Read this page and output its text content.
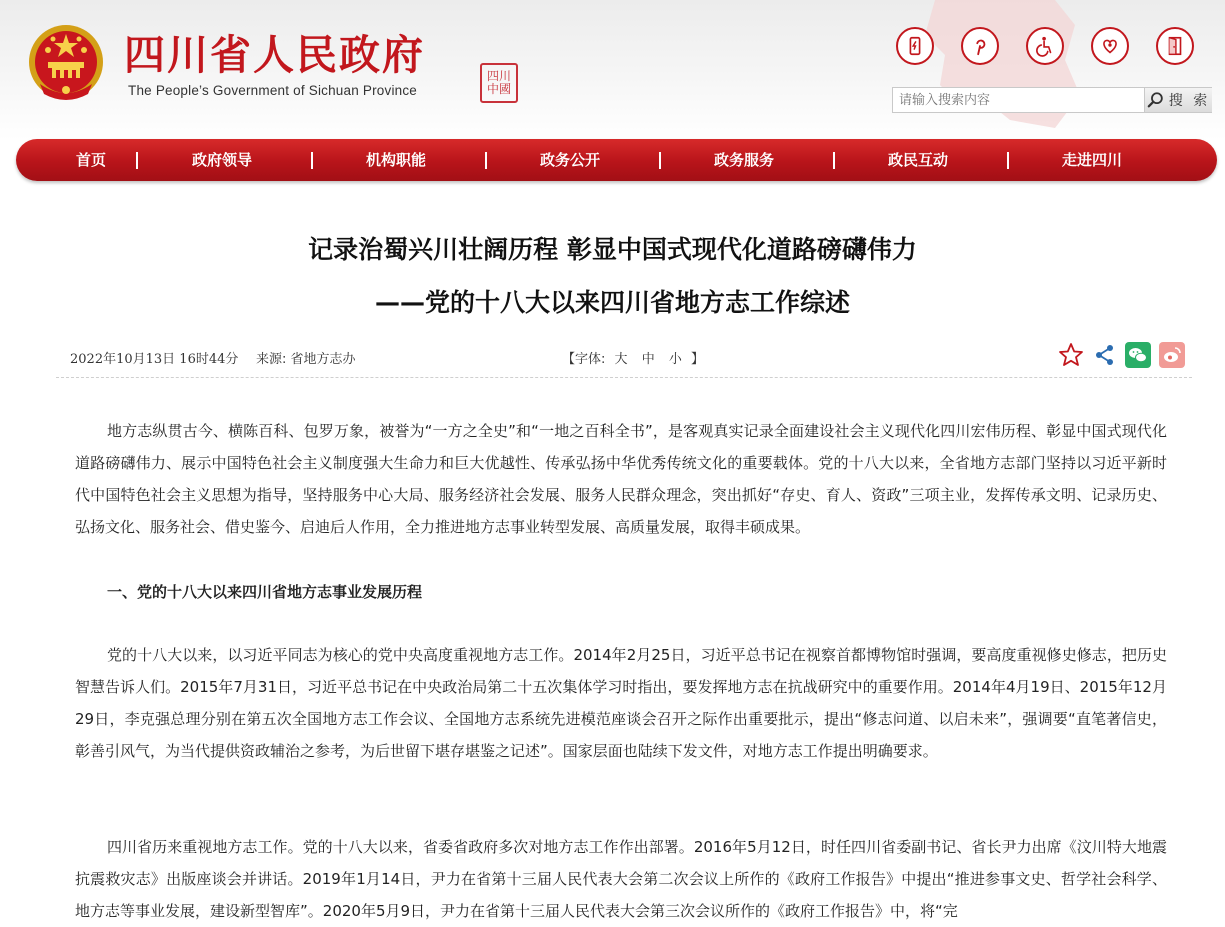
四川省人民政府
The People’s Government of Sichuan Province
四川中國
请输入搜索内容
搜 索
首页	政府领导	机构职能	政务公开	政务服务	政民互动	走进四川
记录治蜀兴川壮阔历程 彰显中国式现代化道路磅礴伟力
——党的十八大以来四川省地方志工作综述
2022年10月13日 16时44分 来源: 省地方志办	【字体: 大 中 小 】

地方志纵贯古今、横陈百科、包罗万象，被誉为“一方之全史”和“一地之百科全书”，是客观真实记录全面建设社会主义现代化四川宏伟历程、彰显中国式现代化道路磅礴伟力、展示中国特色社会主义制度强大生命力和巨大优越性、传承弘扬中华优秀传统文化的重要载体。党的十八大以来，全省地方志部门坚持以习近平新时代中国特色社会主义思想为指导，坚持服务中心大局、服务经济社会发展、服务人民群众理念，突出抓好“存史、育人、资政”三项主业，发挥传承文明、记录历史、弘扬文化、服务社会、借史鉴今、启迪后人作用，全力推进地方志事业转型发展、高质量发展，取得丰硕成果。

一、党的十八大以来四川省地方志事业发展历程

党的十八大以来，以习近平同志为核心的党中央高度重视地方志工作。2014年2月25日，习近平总书记在视察首都博物馆时强调，要高度重视修史修志，把历史智慧告诉人们。2015年7月31日，习近平总书记在中央政治局第二十五次集体学习时指出，要发挥地方志在抗战研究中的重要作用。2014年4月19日、2015年12月29日，李克强总理分别在第五次全国地方志工作会议、全国地方志系统先进模范座谈会召开之际作出重要批示，提出“修志问道、以启未来”，强调要“直笔著信史，彰善引风气，为当代提供资政辅治之参考，为后世留下堪存堪鉴之记述”。国家层面也陆续下发文件，对地方志工作提出明确要求。

四川省历来重视地方志工作。党的十八大以来，省委省政府多次对地方志工作作出部署。2016年5月12日，时任四川省委副书记、省长尹力出席《汶川特大地震抗震救灾志》出版座谈会并讲话。2019年1月14日，尹力在省第十三届人民代表大会第二次会议上所作的《政府工作报告》中提出“推进参事文史、哲学社会科学、地方志等事业发展，建设新型智库”。2020年5月9日，尹力在省第十三届人民代表大会第三次会议所作的《政府工作报告》中，将“完
